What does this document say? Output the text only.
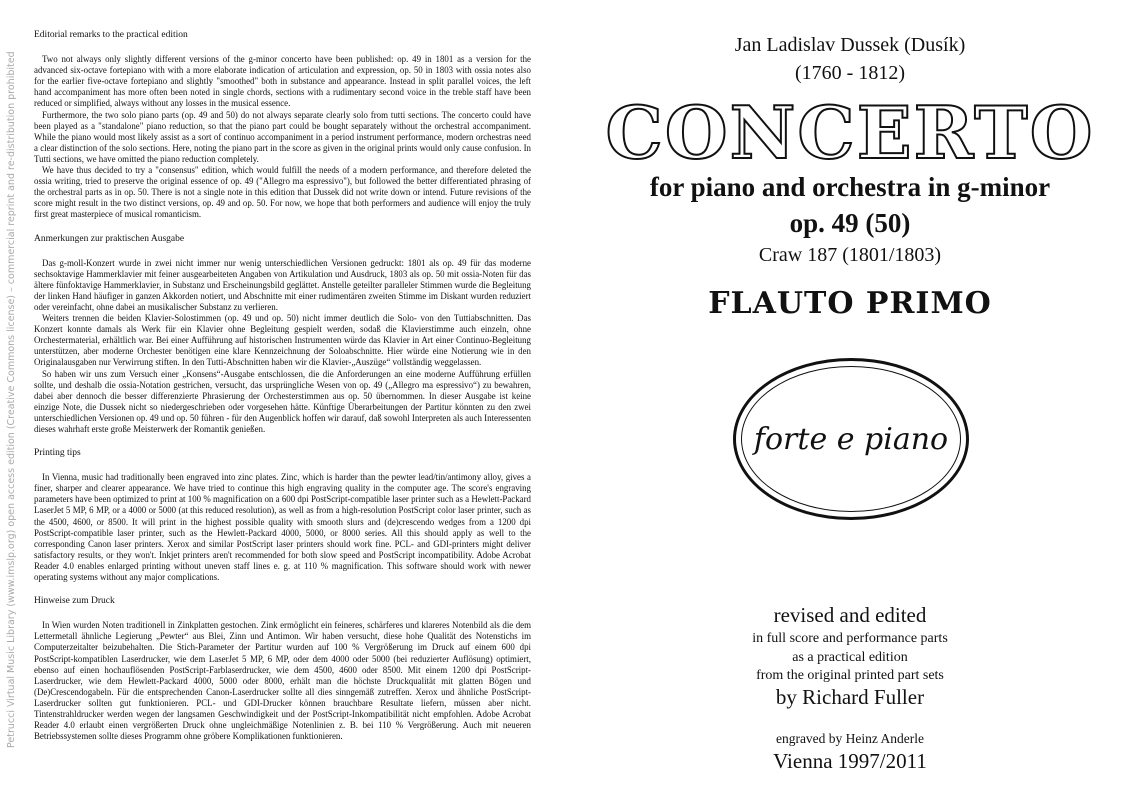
Petrucci Virtual Music Library (www.imslp.org) open access edition (Creative Commons license) – commercial reprint and re-distribution prohibited
Editorial remarks to the practical edition

Two not always only slightly different versions of the g-minor concerto have been published: op. 49 in 1801 as a version for the advanced six-octave fortepiano with with a more elaborate indication of articulation and expression, op. 50 in 1803 with ossia notes also for the earlier five-octave fortepiano and slightly "smoothed" both in substance and appearance. Instead in split parallel voices, the left hand accompaniment has more often been noted in single chords, sections with a rudimentary second voice in the treble staff have been reduced or simplified, always without any losses in the musical essence.

Furthermore, the two solo piano parts (op. 49 and 50) do not always separate clearly solo from tutti sections. The concerto could have been played as a "standalone" piano reduction, so that the piano part could be bought separately without the orchestral accompaniment. While the piano would most likely assist as a sort of continuo accompaniment in a period instrument performance, modern orchestras need a clear distinction of the solo sections. Here, noting the piano part in the score as given in the original prints would only cause confusion. In Tutti sections, we have omitted the piano reduction completely.

We have thus decided to try a "consensus" edition, which would fulfill the needs of a modern performance, and therefore deleted the ossia writing, tried to preserve the original essence of op. 49 ("Allegro ma espressivo"), but followed the better differentiated phrasing of the orchestral parts as in op. 50. There is not a single note in this edition that Dussek did not write down or intend. Future revisions of the score might result in the two distinct versions, op. 49 and op. 50. For now, we hope that both performers and audience will enjoy the truly first great masterpiece of musical romanticism.

Anmerkungen zur praktischen Ausgabe

Das g-moll-Konzert wurde in zwei nicht immer nur wenig unterschiedlichen Versionen gedruckt: 1801 als op. 49 für das moderne sechsoktavige Hammerklavier mit feiner ausgearbeiteten Angaben von Artikulation und Ausdruck, 1803 als op. 50 mit ossia-Noten für das ältere fünfoktavige Hammerklavier, in Substanz und Erscheinungsbild geglättet. Anstelle geteilter paralleler Stimmen wurde die Begleitung der linken Hand häufiger in ganzen Akkorden notiert, und Abschnitte mit einer rudimentären zweiten Stimme im Diskant wurden reduziert oder vereinfacht, ohne dabei an musikalischer Substanz zu verlieren.

Weiters trennen die beiden Klavier-Solostimmen (op. 49 und op. 50) nicht immer deutlich die Solo- von den Tuttiabschnitten. Das Konzert konnte damals als Werk für ein Klavier ohne Begleitung gespielt werden, sodaß die Klavierstimme auch einzeln, ohne Orchestermaterial, erhältlich war. Bei einer Aufführung auf historischen Instrumenten würde das Klavier in Art einer Continuo-Begleitung unterstützen, aber moderne Orchester benötigen eine klare Kennzeichnung der Soloabschnitte. Hier würde eine Notierung wie in den Originalausgaben nur Verwirrung stiften. In den Tutti-Abschnitten haben wir die Klavier-„Auszüge“ vollständig weggelassen.

So haben wir uns zum Versuch einer „Konsens“-Ausgabe entschlossen, die die Anforderungen an eine moderne Aufführung erfüllen sollte, und deshalb die ossia-Notation gestrichen, versucht, das ursprüngliche Wesen von op. 49 („Allegro ma espressivo“) zu bewahren, dabei aber dennoch die besser differenzierte Phrasierung der Orchesterstimmen aus op. 50 übernommen. In dieser Ausgabe ist keine einzige Note, die Dussek nicht so niedergeschrieben oder vorgesehen hätte. Künftige Überarbeitungen der Partitur könnten zu den zwei unterschiedlichen Versionen op. 49 und op. 50 führen - für den Augenblick hoffen wir darauf, daß sowohl Interpreten als auch Interessenten dieses wahrhaft erste große Meisterwerk der Romantik genießen.

Printing tips

In Vienna, music had traditionally been engraved into zinc plates. Zinc, which is harder than the pewter lead/tin/antimony alloy, gives a finer, sharper and clearer appearance. We have tried to continue this high engraving quality in the computer age. The score's engraving parameters have been optimized to print at 100 % magnification on a 600 dpi PostScript-compatible laser printer such as a Hewlett-Packard LaserJet 5 MP, 6 MP, or a 4000 or 5000 (at this reduced resolution), as well as from a high-resolution PostScript color laser printer, such as the 4500, 4600, or 8500. It will print in the highest possible quality with smooth slurs and (de)crescendo wedges from a 1200 dpi PostScript-compatible laser printer, such as the Hewlett-Packard 4000, 5000, or 8000 series. All this should apply as well to the corresponding Canon laser printers. Xerox and similar PostScript laser printers should work fine. PCL- and GDI-printers might deliver satisfactory results, or they won't. Inkjet printers aren't recommended for both slow speed and PostScript incompatibility. Adobe Acrobat Reader 4.0 enables enlarged printing without uneven staff lines e. g. at 110 % magnification. This software should work with newer operating systems without any major complications.

Hinweise zum Druck

In Wien wurden Noten traditionell in Zinkplatten gestochen. Zink ermöglicht ein feineres, schärferes und klareres Notenbild als die dem Lettermetall ähnliche Legierung „Pewter“ aus Blei, Zinn und Antimon. Wir haben versucht, diese hohe Qualität des Notenstichs im Computerzeitalter beizubehalten. Die Stich-Parameter der Partitur wurden auf 100 % Vergrößerung im Druck auf einem 600 dpi PostScript-kompatiblen Laserdrucker, wie dem LaserJet 5 MP, 6 MP, oder dem 4000 oder 5000 (bei reduzierter Auflösung) optimiert, ebenso auf einen hochauflösenden PostScript-Farblaserdrucker, wie dem 4500, 4600 oder 8500. Mit einem 1200 dpi PostScript-Laserdrucker, wie dem Hewlett-Packard 4000, 5000 oder 8000, erhält man die höchste Druckqualität mit glatten Bögen und (De)Crescendogabeln. Für die entsprechenden Canon-Laserdrucker sollte all dies sinngemäß zutreffen. Xerox und ähnliche PostScript-Laserdrucker sollten gut funktionieren. PCL- und GDI-Drucker können brauchbare Resultate liefern, müssen aber nicht. Tintenstrahldrucker werden wegen der langsamen Geschwindigkeit und der PostScript-Inkompatibilität nicht empfohlen. Adobe Acrobat Reader 4.0 erlaubt einen vergrößerten Druck ohne ungleichmäßige Notenlinien z. B. bei 110 % Vergrößerung. Auch mit neueren Betriebssystemen sollte dieses Programm ohne gröbere Komplikationen funktionieren.

Jan Ladislav Dussek (Dusík)
(1760 - 1812)
CONCERTO
for piano and orchestra in g-minor
op. 49 (50)
Craw 187 (1801/1803)
FLAUTO PRIMO
forte e piano
revised and edited
in full score and performance parts
as a practical edition
from the original printed part sets
by Richard Fuller
engraved by Heinz Anderle
Vienna 1997/2011
